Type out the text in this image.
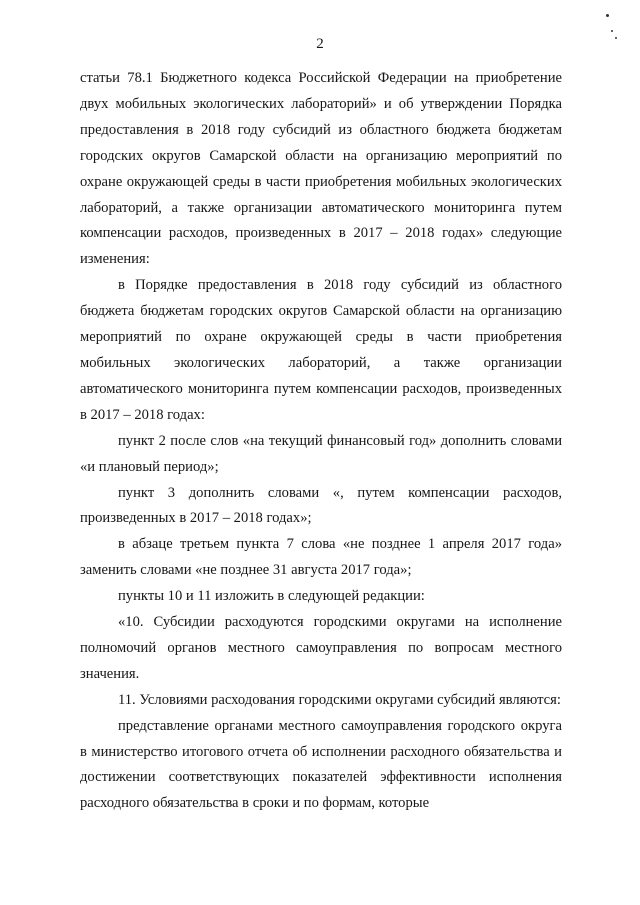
2

статьи 78.1 Бюджетного кодекса Российской Федерации на приобретение двух мобильных экологических лабораторий» и об утверждении Порядка предоставления в 2018 году субсидий из областного бюджета бюджетам городских округов Самарской области на организацию мероприятий по охране окружающей среды в части приобретения мобильных экологических лабораторий, а также организации автоматического мониторинга путем компенсации расходов, произведенных в 2017 – 2018 годах» следующие изменения:

в Порядке предоставления в 2018 году субсидий из областного бюджета бюджетам городских округов Самарской области на организацию мероприятий по охране окружающей среды в части приобретения мобильных экологических лабораторий, а также организации автоматического мониторинга путем компенсации расходов, произведенных в 2017 – 2018 годах:

пункт 2 после слов «на текущий финансовый год» дополнить словами «и плановый период»;

пункт 3 дополнить словами «, путем компенсации расходов, произведенных в 2017 – 2018 годах»;

в абзаце третьем пункта 7 слова «не позднее 1 апреля 2017 года» заменить словами «не позднее 31 августа 2017 года»;

пункты 10 и 11 изложить в следующей редакции:

«10. Субсидии расходуются городскими округами на исполнение полномочий органов местного самоуправления по вопросам местного значения.

11. Условиями расходования городскими округами субсидий являются:

представление органами местного самоуправления городского округа в министерство итогового отчета об исполнении расходного обязательства и достижении соответствующих показателей эффективности исполнения расходного обязательства в сроки и по формам, которые
